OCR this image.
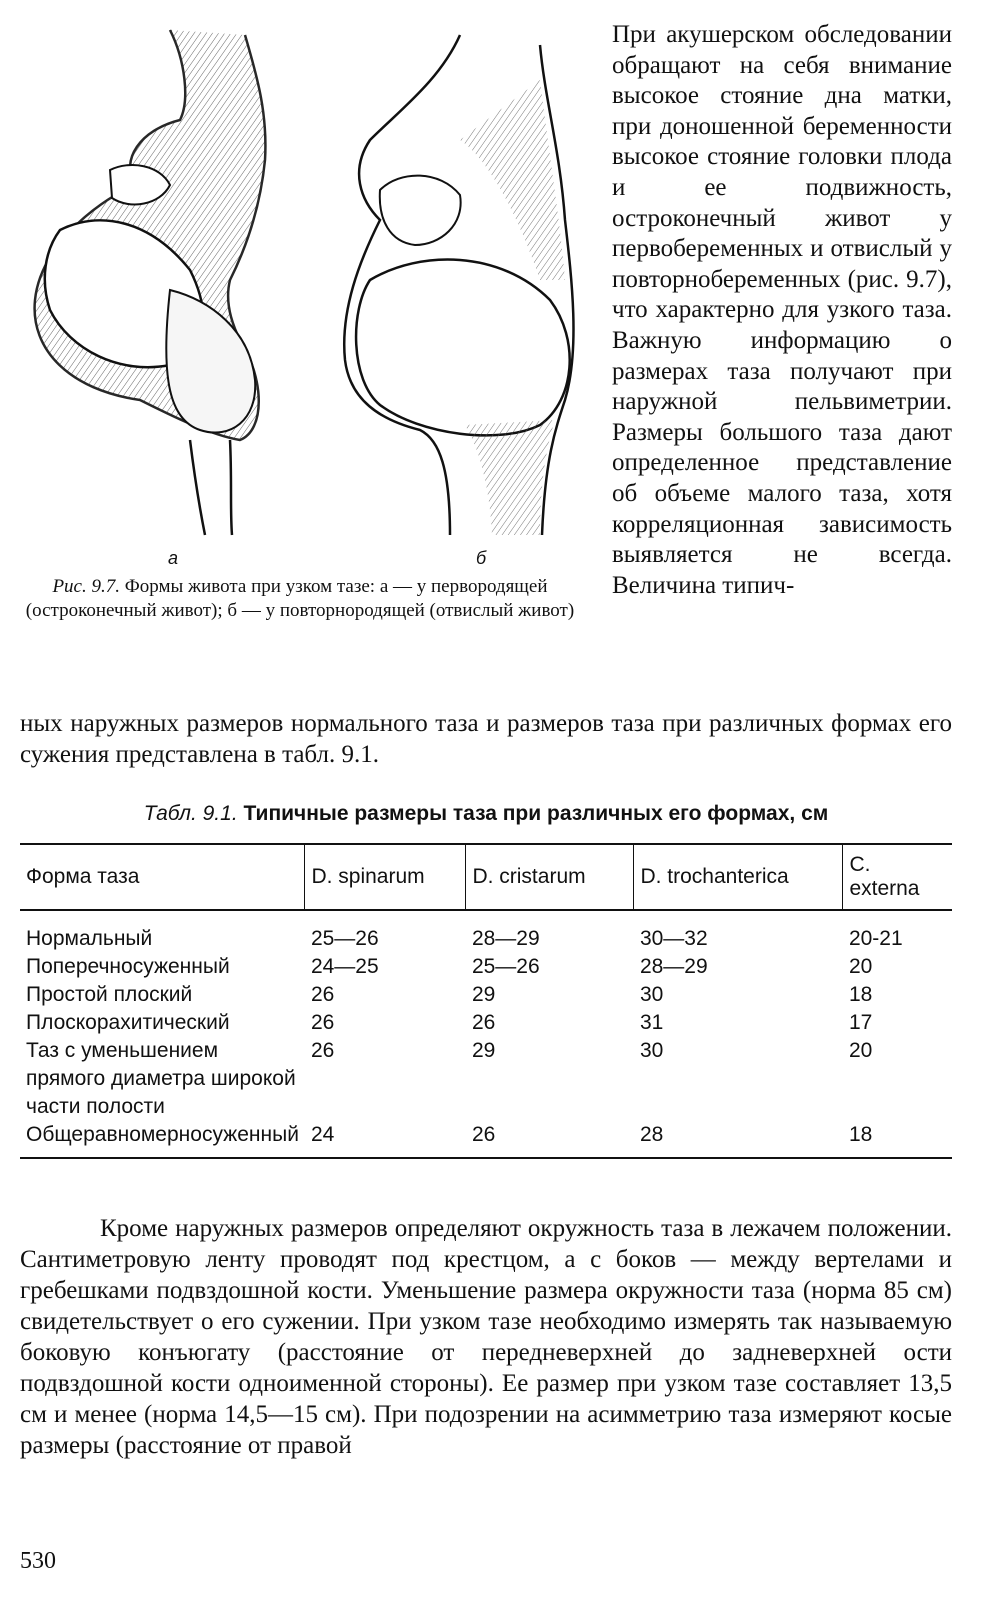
а	б
Рис. 9.7. Формы живота при узком тазе: а — у первородящей (остроконечный живот); б — у повторнородящей (отвислый живот)
При акушерском обследовании обращают на себя внимание высокое стояние дна матки, при доношенной беременности высокое стояние головки плода и ее подвижность, остроконечный живот у первобеременных и отвислый у повторнобеременных (рис. 9.7), что характерно для узкого таза. Важную информацию о размерах таза получают при наружной пельвиметрии. Размеры большого таза дают определенное представление об объеме малого таза, хотя корреляционная зависимость выявляется не всегда. Величина типич-
ных наружных размеров нормального таза и размеров таза при различных формах его сужения представлена в табл. 9.1.
Табл. 9.1. Типичные размеры таза при различных его формах, см
Форма таза	D. spinarum	D. cristarum	D. trochanterica	C. externa
Нормальный	25—26	28—29	30—32	20-21
Поперечносуженный	24—25	25—26	28—29	20
Простой плоский	26	29	30	18
Плоскорахитический	26	26	31	17
Таз с уменьшением прямого диаметра широкой части полости	26	29	30	20
Общеравномерносуженный	24	26	28	18
Кроме наружных размеров определяют окружность таза в лежачем положении. Сантиметровую ленту проводят под крестцом, а с боков — между вертелами и гребешками подвздошной кости. Уменьшение размера окружности таза (норма 85 см) свидетельствует о его сужении. При узком тазе необходимо измерять так называемую боковую конъюгату (расстояние от передневерхней до задневерхней ости подвздошной кости одноименной стороны). Ее размер при узком тазе составляет 13,5 см и менее (норма 14,5—15 см). При подозрении на асимметрию таза измеряют косые размеры (расстояние от правой
530
